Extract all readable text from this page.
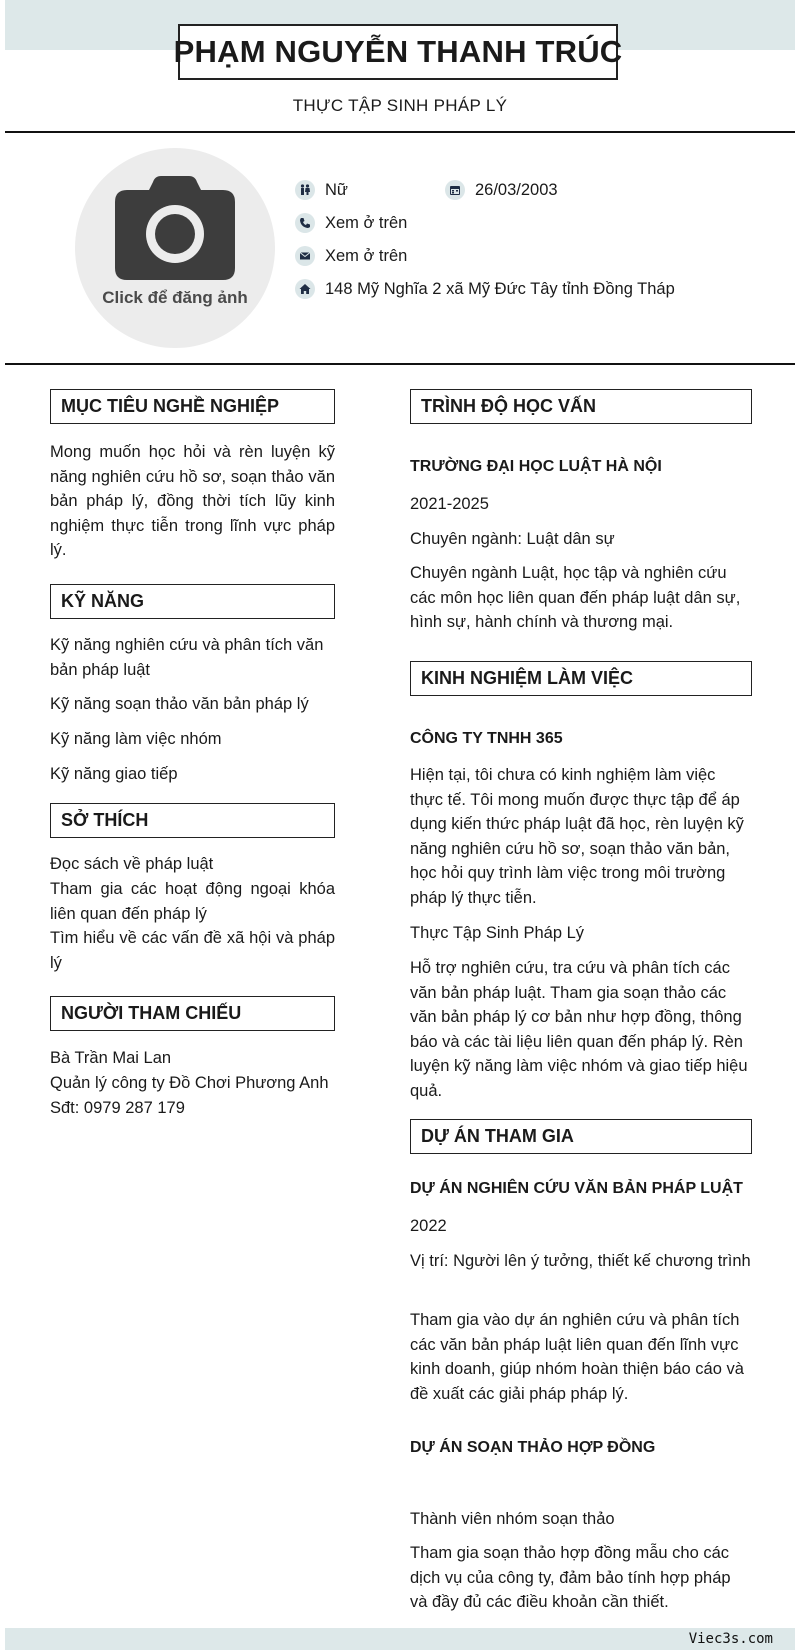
PHẠM NGUYỄN THANH TRÚC
THỰC TẬP SINH PHÁP LÝ
Click để đăng ảnh
Nữ	26/03/2003
Xem ở trên
Xem ở trên
148 Mỹ Nghĩa 2 xã Mỹ Đức Tây tỉnh Đồng Tháp
MỤC TIÊU NGHỀ NGHIỆP
Mong muốn học hỏi và rèn luyện kỹ năng nghiên cứu hồ sơ, soạn thảo văn bản pháp lý, đồng thời tích lũy kinh nghiệm thực tiễn trong lĩnh vực pháp lý.
KỸ NĂNG
Kỹ năng nghiên cứu và phân tích văn bản pháp luật
Kỹ năng soạn thảo văn bản pháp lý
Kỹ năng làm việc nhóm
Kỹ năng giao tiếp
SỞ THÍCH
Đọc sách về pháp luật
Tham gia các hoạt động ngoại khóa liên quan đến pháp lý
Tìm hiểu về các vấn đề xã hội và pháp lý
NGƯỜI THAM CHIẾU
Bà Trần Mai Lan
Quản lý công ty Đồ Chơi Phương Anh
Sđt: 0979 287 179
TRÌNH ĐỘ HỌC VẤN
TRƯỜNG ĐẠI HỌC LUẬT HÀ NỘI
2021-2025
Chuyên ngành: Luật dân sự
Chuyên ngành Luật, học tập và nghiên cứu các môn học liên quan đến pháp luật dân sự, hình sự, hành chính và thương mại.
KINH NGHIỆM LÀM VIỆC
CÔNG TY TNHH 365
Hiện tại, tôi chưa có kinh nghiệm làm việc thực tế. Tôi mong muốn được thực tập để áp dụng kiến thức pháp luật đã học, rèn luyện kỹ năng nghiên cứu hồ sơ, soạn thảo văn bản, học hỏi quy trình làm việc trong môi trường pháp lý thực tiễn.
Thực Tập Sinh Pháp Lý
Hỗ trợ nghiên cứu, tra cứu và phân tích các văn bản pháp luật. Tham gia soạn thảo các văn bản pháp lý cơ bản như hợp đồng, thông báo và các tài liệu liên quan đến pháp lý. Rèn luyện kỹ năng làm việc nhóm và giao tiếp hiệu quả.
DỰ ÁN THAM GIA
DỰ ÁN NGHIÊN CỨU VĂN BẢN PHÁP LUẬT
2022
Vị trí: Người lên ý tưởng, thiết kế chương trình
Tham gia vào dự án nghiên cứu và phân tích các văn bản pháp luật liên quan đến lĩnh vực kinh doanh, giúp nhóm hoàn thiện báo cáo và đề xuất các giải pháp pháp lý.
DỰ ÁN SOẠN THẢO HỢP ĐỒNG
Thành viên nhóm soạn thảo
Tham gia soạn thảo hợp đồng mẫu cho các dịch vụ của công ty, đảm bảo tính hợp pháp và đầy đủ các điều khoản cần thiết.
Viec3s.com
